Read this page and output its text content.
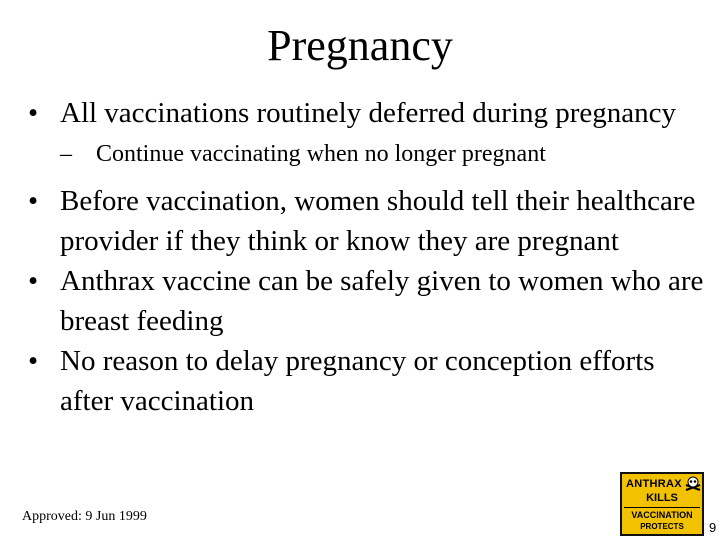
Pregnancy
• All vaccinations routinely deferred during pregnancy
– Continue vaccinating when no longer pregnant
• Before vaccination, women should tell their healthcare provider if they think or know they are pregnant
• Anthrax vaccine can be safely given to women who are breast feeding
• No reason to delay pregnancy or conception efforts after vaccination
Approved: 9 Jun 1999
ANTHRAX
KILLS
VACCINATION
PROTECTS	9
